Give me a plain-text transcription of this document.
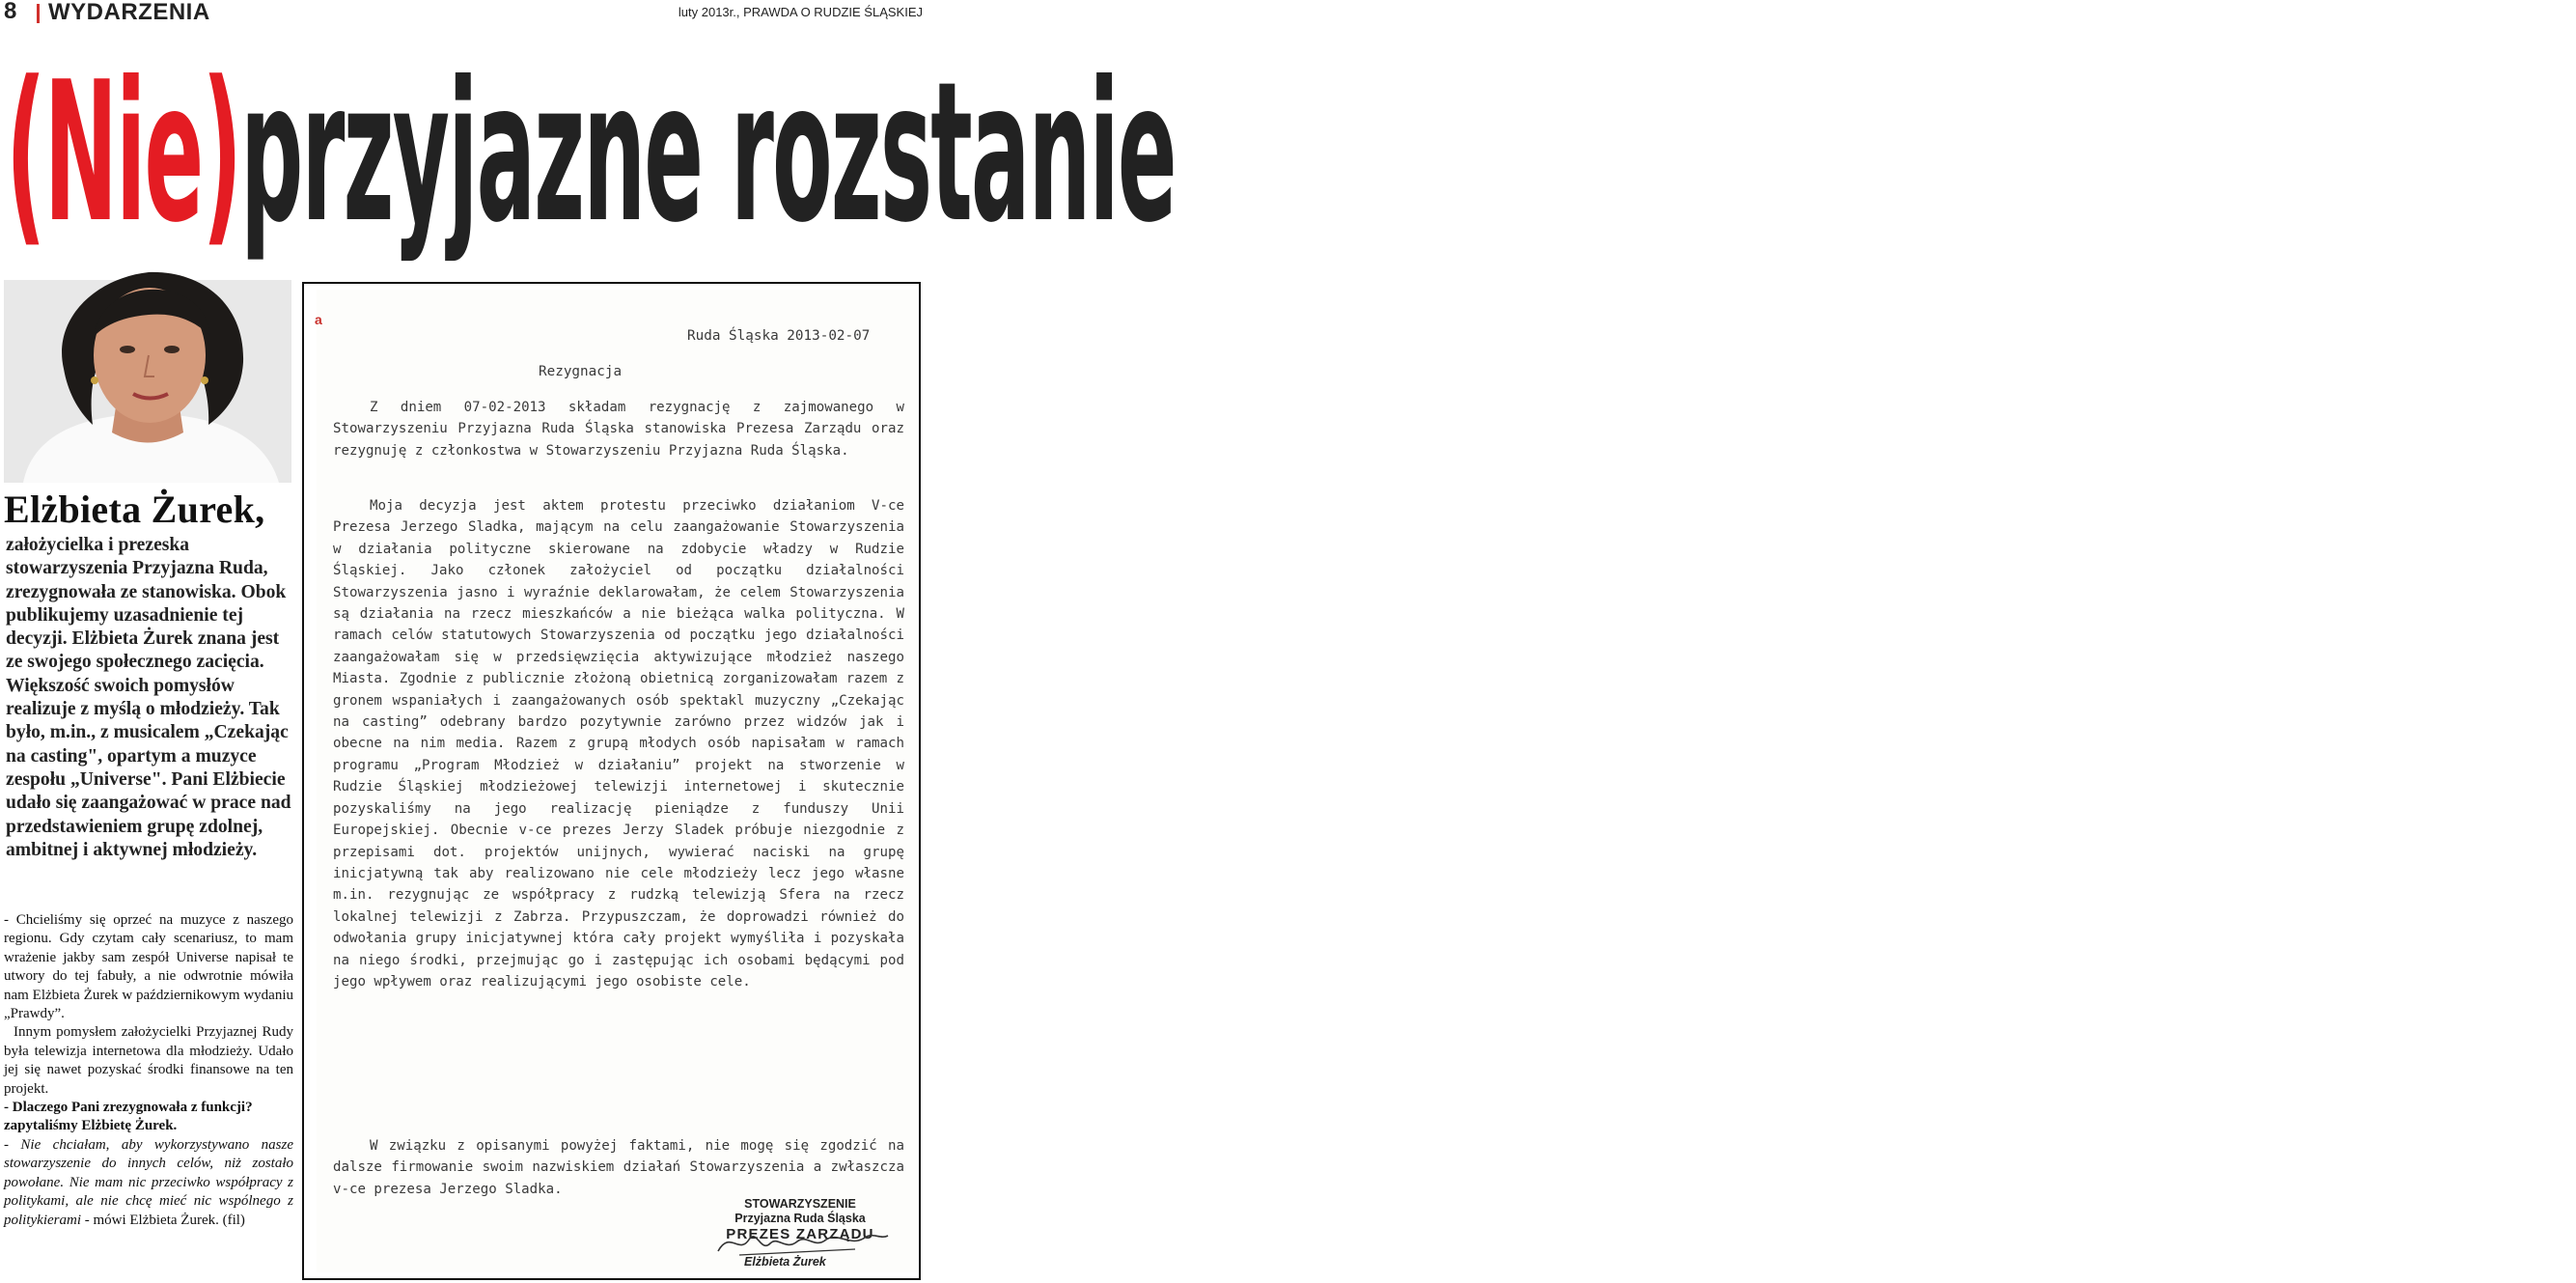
8 WYDARZENIA	luty 2013r., PRAWDA O RUDZIE ŚLĄSKIEJ
(Nie)przyjazne rozstanie
Elżbieta Żurek,

założycielka i prezeska stowarzyszenia Przyjazna Ruda, zrezygnowała ze stanowiska. Obok publikujemy uzasadnienie tej decyzji. Elżbieta Żurek znana jest ze swojego społecznego zacięcia. Większość swoich pomysłów realizuje z myślą o młodzieży. Tak było, m.in., z musicalem „Czekając na casting", opartym a muzyce zespołu „Universe". Pani Elżbiecie udało się zaangażować w prace nad przedstawieniem grupę zdolnej, ambitnej i aktywnej młodzieży.

- Chcieliśmy się oprzeć na muzyce z naszego regionu. Gdy czytam cały scenariusz, to mam wrażenie jakby sam zespół Universe napisał te utwory do tej fabuły, a nie odwrotnie mówiła nam Elżbieta Żurek w październikowym wydaniu „Prawdy”.

Innym pomysłem założycielki Przyjaznej Rudy była telewizja internetowa dla młodzieży. Udało jej się nawet pozyskać środki finansowe na ten projekt.

- Dlaczego Pani zrezygnowała z funkcji?

zapytaliśmy Elżbietę Żurek.

- Nie chciałam, aby wykorzystywano nasze stowarzyszenie do innych celów, niż zostało powołane. Nie mam nic przeciwko współpracy z politykami, ale nie chcę mieć nic wspólnego z politykierami - mówi Elżbieta Żurek. (fil)

a
Ruda Śląska 2013-02-07
Rezygnacja

Z dniem 07-02-2013 składam rezygnację z zajmowanego w Stowarzyszeniu Przyjazna Ruda Śląska stanowiska Prezesa Zarządu oraz rezygnuję z członkostwa w Stowarzyszeniu Przyjazna Ruda Śląska.

Moja decyzja jest aktem protestu przeciwko działaniom V-ce Prezesa Jerzego Sladka, mającym na celu zaangażowanie Stowarzyszenia w działania polityczne skierowane na zdobycie władzy w Rudzie Śląskiej. Jako członek założyciel od początku działalności Stowarzyszenia jasno i wyraźnie deklarowałam, że celem Stowarzyszenia są działania na rzecz mieszkańców a nie bieżąca walka polityczna. W ramach celów statutowych Stowarzyszenia od początku jego działalności zaangażowałam się w przedsięwzięcia aktywizujące młodzież naszego Miasta. Zgodnie z publicznie złożoną obietnicą zorganizowałam razem z gronem wspaniałych i zaangażowanych osób spektakl muzyczny „Czekając na casting” odebrany bardzo pozytywnie zarówno przez widzów jak i obecne na nim media. Razem z grupą młodych osób napisałam w ramach programu „Program Młodzież w działaniu” projekt na stworzenie w Rudzie Śląskiej młodzieżowej telewizji internetowej i skutecznie pozyskaliśmy na jego realizację pieniądze z funduszy Unii Europejskiej. Obecnie v-ce prezes Jerzy Sladek próbuje niezgodnie z przepisami dot. projektów unijnych, wywierać naciski na grupę inicjatywną tak aby realizowano nie cele młodzieży lecz jego własne m.in. rezygnując ze współpracy z rudzką telewizją Sfera na rzecz lokalnej telewizji z Zabrza. Przypuszczam, że doprowadzi również do odwołania grupy inicjatywnej która cały projekt wymyśliła i pozyskała na niego środki, przejmując go i zastępując ich osobami będącymi pod jego wpływem oraz realizującymi jego osobiste cele.

W związku z opisanymi powyżej faktami, nie mogę się zgodzić na dalsze firmowanie swoim nazwiskiem działań Stowarzyszenia a zwłaszcza v-ce prezesa Jerzego Sladka.

STOWARZYSZENIE
Przyjazna Ruda Śląska
PREZES ZARZĄDU
Elżbieta Żurek
